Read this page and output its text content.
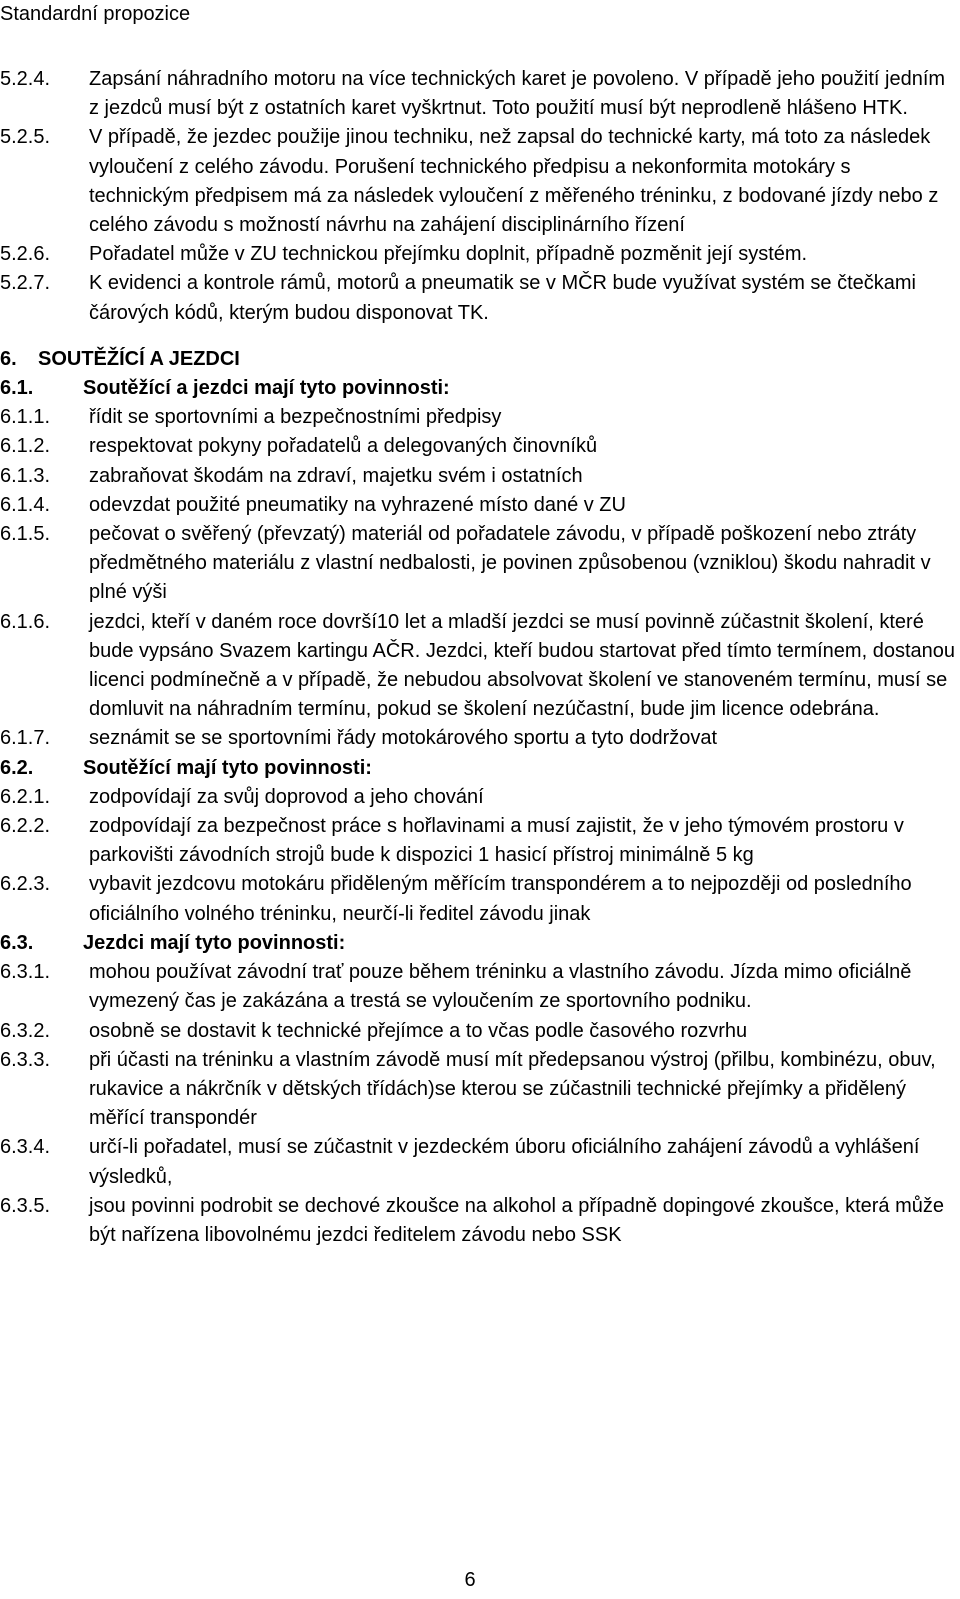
Standardní propozice
5.2.4.	Zapsání náhradního motoru na více technických karet je povoleno. V případě jeho použití jedním z jezdců musí být z ostatních karet vyškrtnut. Toto použití musí být neprodleně hlášeno HTK.
5.2.5.	V případě, že jezdec použije jinou techniku, než zapsal do technické karty, má toto za následek vyloučení z celého závodu. Porušení technického předpisu a nekonformita motokáry s technickým předpisem má za následek vyloučení z měřeného tréninku, z bodované jízdy nebo z celého závodu s možností návrhu na zahájení disciplinárního řízení
5.2.6.	Pořadatel může v ZU technickou přejímku doplnit, případně pozměnit její systém.
5.2.7.	K evidenci a kontrole rámů, motorů a pneumatik se v MČR bude využívat systém se čtečkami čárových kódů, kterým budou disponovat TK.
6.	SOUTĚŽÍCÍ A JEZDCI
6.1.	Soutěžící a jezdci mají tyto povinnosti:
6.1.1.	řídit se sportovními a bezpečnostními předpisy
6.1.2.	respektovat pokyny pořadatelů a delegovaných činovníků
6.1.3.	zabraňovat škodám na zdraví, majetku svém i ostatních
6.1.4.	odevzdat použité pneumatiky na vyhrazené místo dané v ZU
6.1.5.	pečovat o svěřený (převzatý) materiál od pořadatele závodu, v případě poškození nebo ztráty předmětného materiálu z vlastní nedbalosti, je povinen způsobenou (vzniklou) škodu nahradit v plné výši
6.1.6.	jezdci, kteří v daném roce dovrší10 let a mladší jezdci se musí povinně zúčastnit školení, které bude vypsáno Svazem kartingu AČR. Jezdci, kteří budou startovat před tímto termínem, dostanou licenci podmínečně a v případě, že nebudou absolvovat školení ve stanoveném termínu, musí se domluvit na náhradním termínu, pokud se školení nezúčastní, bude jim licence odebrána.
6.1.7.	seznámit se se sportovními řády motokárového sportu a tyto dodržovat
6.2.	Soutěžící mají tyto povinnosti:
6.2.1.	zodpovídají za svůj doprovod a jeho chování
6.2.2.	zodpovídají za bezpečnost práce s hořlavinami a musí zajistit, že v jeho týmovém prostoru v parkovišti závodních strojů bude k dispozici 1 hasicí přístroj minimálně 5 kg
6.2.3.	vybavit jezdcovu motokáru přiděleným měřícím transpondérem a to nejpozději od posledního oficiálního volného tréninku, neurčí-li ředitel závodu jinak
6.3.	Jezdci mají tyto povinnosti:
6.3.1.	mohou používat závodní trať pouze během tréninku a vlastního závodu. Jízda mimo oficiálně vymezený čas je zakázána a trestá se vyloučením ze sportovního podniku.
6.3.2.	osobně se dostavit k technické přejímce a to včas podle časového rozvrhu
6.3.3.	při účasti na tréninku a vlastním závodě musí mít předepsanou výstroj (přilbu, kombinézu, obuv, rukavice a nákrčník v dětských třídách)se kterou se zúčastnili technické přejímky a přidělený měřící transpondér
6.3.4.	určí-li pořadatel, musí se zúčastnit v jezdeckém úboru oficiálního zahájení závodů a vyhlášení výsledků,
6.3.5.	jsou povinni podrobit se dechové zkoušce na alkohol a případně dopingové zkoušce, která může být nařízena libovolnému jezdci ředitelem závodu nebo SSK
6
